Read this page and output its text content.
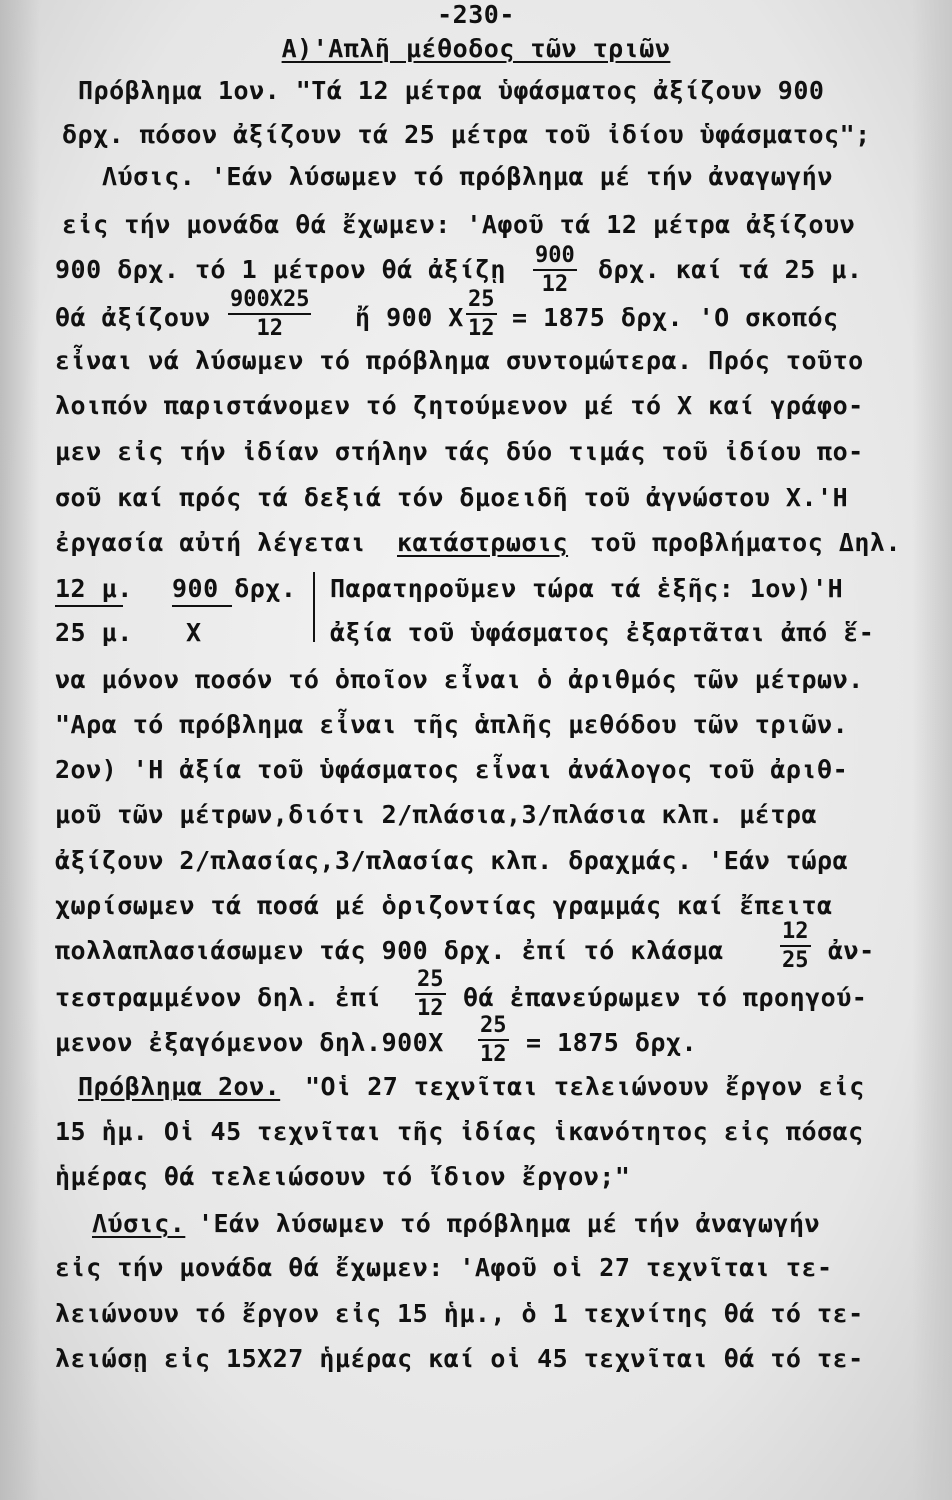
-230-
Α)'Απλῆ μέθοδος τῶν τριῶν
Πρόβλημα 1ον. "Τά 12 μέτρα ὑφάσματος ἀξίζουν 900
δρχ. πόσον ἀξίζουν τά 25 μέτρα τοῦ ἰδίου ὑφάσματος";
Λύσις. 'Εάν λύσωμεν τό πρόβλημα μέ τήν ἀναγωγήν
εἰς τήν μονάδα θά ἔχωμεν: 'Αφοῦ τά 12 μέτρα ἀξίζουν
900 δρχ. τό 1 μέτρον θά ἀξίζῃ $\frac{900}{12} \delta\rho\chi$. καί τά 25 μ.
θά ἀξίζουν $\frac{900X25}{12}$ ἤ 900 Χ $\frac{25}{12} = 1875$ δρχ. 'Ο σκοπός
εἶναι νά λύσωμεν τό πρόβλημα συντομώτερα. Πρός τοῦτο
λοιπόν παριστάνομεν τό ζητούμενον μέ τό Χ καί γράφο-
μεν εἰς τήν ἰδίαν στήλην τάς δύο τιμάς τοῦ ἰδίου πο-
σοῦ καί πρός τά δεξιά τόν δμοειδῆ τοῦ ἀγνώστου Χ.'Η
ἐργασία αὐτή λέγεται κατάστρωσις τοῦ προβλήματος Δηλ.
12 μ. 900 δρχ.
25 μ. Χ
Παρατηροῦμεν τώρα τά ἑξῆς: 1ον)'Η
ἀξία τοῦ ὑφάσματος ἐξαρτᾶται ἀπό ἕ-
να μόνον ποσόν τό ὁποῖον εἶναι ὁ ἀριθμός τῶν μέτρων.
"Αρα τό πρόβλημα εἶναι τῆς ἁπλῆς μεθόδου τῶν τριῶν.
2ον) 'Η ἀξία τοῦ ὑφάσματος εἶναι ἀνάλογος τοῦ ἀριθ-
μοῦ τῶν μέτρων,διότι 2/πλάσια,3/πλάσια κλπ. μέτρα
ἀξίζουν 2/πλασίας,3/πλασίας κλπ. δραχμάς. 'Εάν τώρα
χωρίσωμεν τά ποσά μέ ὁριζοντίας γραμμάς καί ἔπειτα
πολλαπλασιάσωμεν τάς 900 δρχ. ἐπί τό κλάσμα	$\frac{12}{25}$ ἀν-
τεστραμμένον δηλ. ἐπί $\frac{25}{12}$ θά ἐπανεύρωμεν τό προηγού-
μενον ἐξαγόμενον $\delta\eta\lambda.900X \frac{25}{12} = 1875$ δρχ.
Πρόβλημα 2ον. "Οἱ 27 τεχνῖται τελειώνουν ἔργον εἰς
15 ἡμ. Οἱ 45 τεχνῖται τῆς ἰδίας ἱκανότητος εἰς πόσας
ἡμέρας θά τελειώσουν τό ἴδιον ἔργον;"
Λύσις. 'Εάν λύσωμεν τό πρόβλημα μέ τήν ἀναγωγήν
εἰς τήν μονάδα θά ἔχωμεν: 'Αφοῦ οἱ 27 τεχνῖται τε-
λειώνουν τό ἔργον εἰς 15 ἡμ., ὁ 1 τεχνίτης θά τό τε-
λειώσῃ εἰς 15Χ27 ἡμέρας καί οἱ 45 τεχνῖται θά τό τε-
